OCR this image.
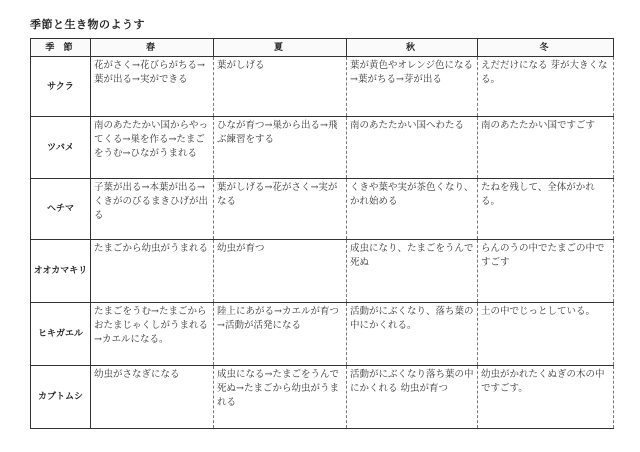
季節と生き物のようす
季 節	春	夏	秋	冬
サクラ	花がさく→花びらがちる→葉が出る→実ができる	葉がしげる	葉が黄色やオレンジ色になる→葉がちる→芽が出る	えだだけになる 芽が大きくなる。
ツバメ	南のあたたかい国からやってくる→巣を作る→たまごをうむ→ひながうまれる	ひなが育つ→巣から出る→飛ぶ練習をする	南のあたたかい国へわたる	南のあたたかい国ですごす
ヘチマ	子葉が出る→本葉が出る→くきがのびるまきひげが出る	葉がしげる→花がさく→実がなる	くきや葉や実が茶色くなり、かれ始める	たねを残して、全体がかれる。
オオカマキリ	たまごから幼虫がうまれる	幼虫が育つ	成虫になり、たまごをうんで死ぬ	らんのうの中でたまごの中ですごす
ヒキガエル	たまごをうむ→たまごからおたまじゃくしがうまれる→カエルになる。	陸上にあがる→カエルが育つ→活動が活発になる	活動がにぶくなり、落ち葉の中にかくれる。	土の中でじっとしている。
カブトムシ	幼虫がさなぎになる	成虫になる→たまごをうんで死ぬ→たまごから幼虫がうまれる	活動がにぶくなり落ち葉の中にかくれる 幼虫が育つ	幼虫がかれたくぬぎの木の中ですごす。
